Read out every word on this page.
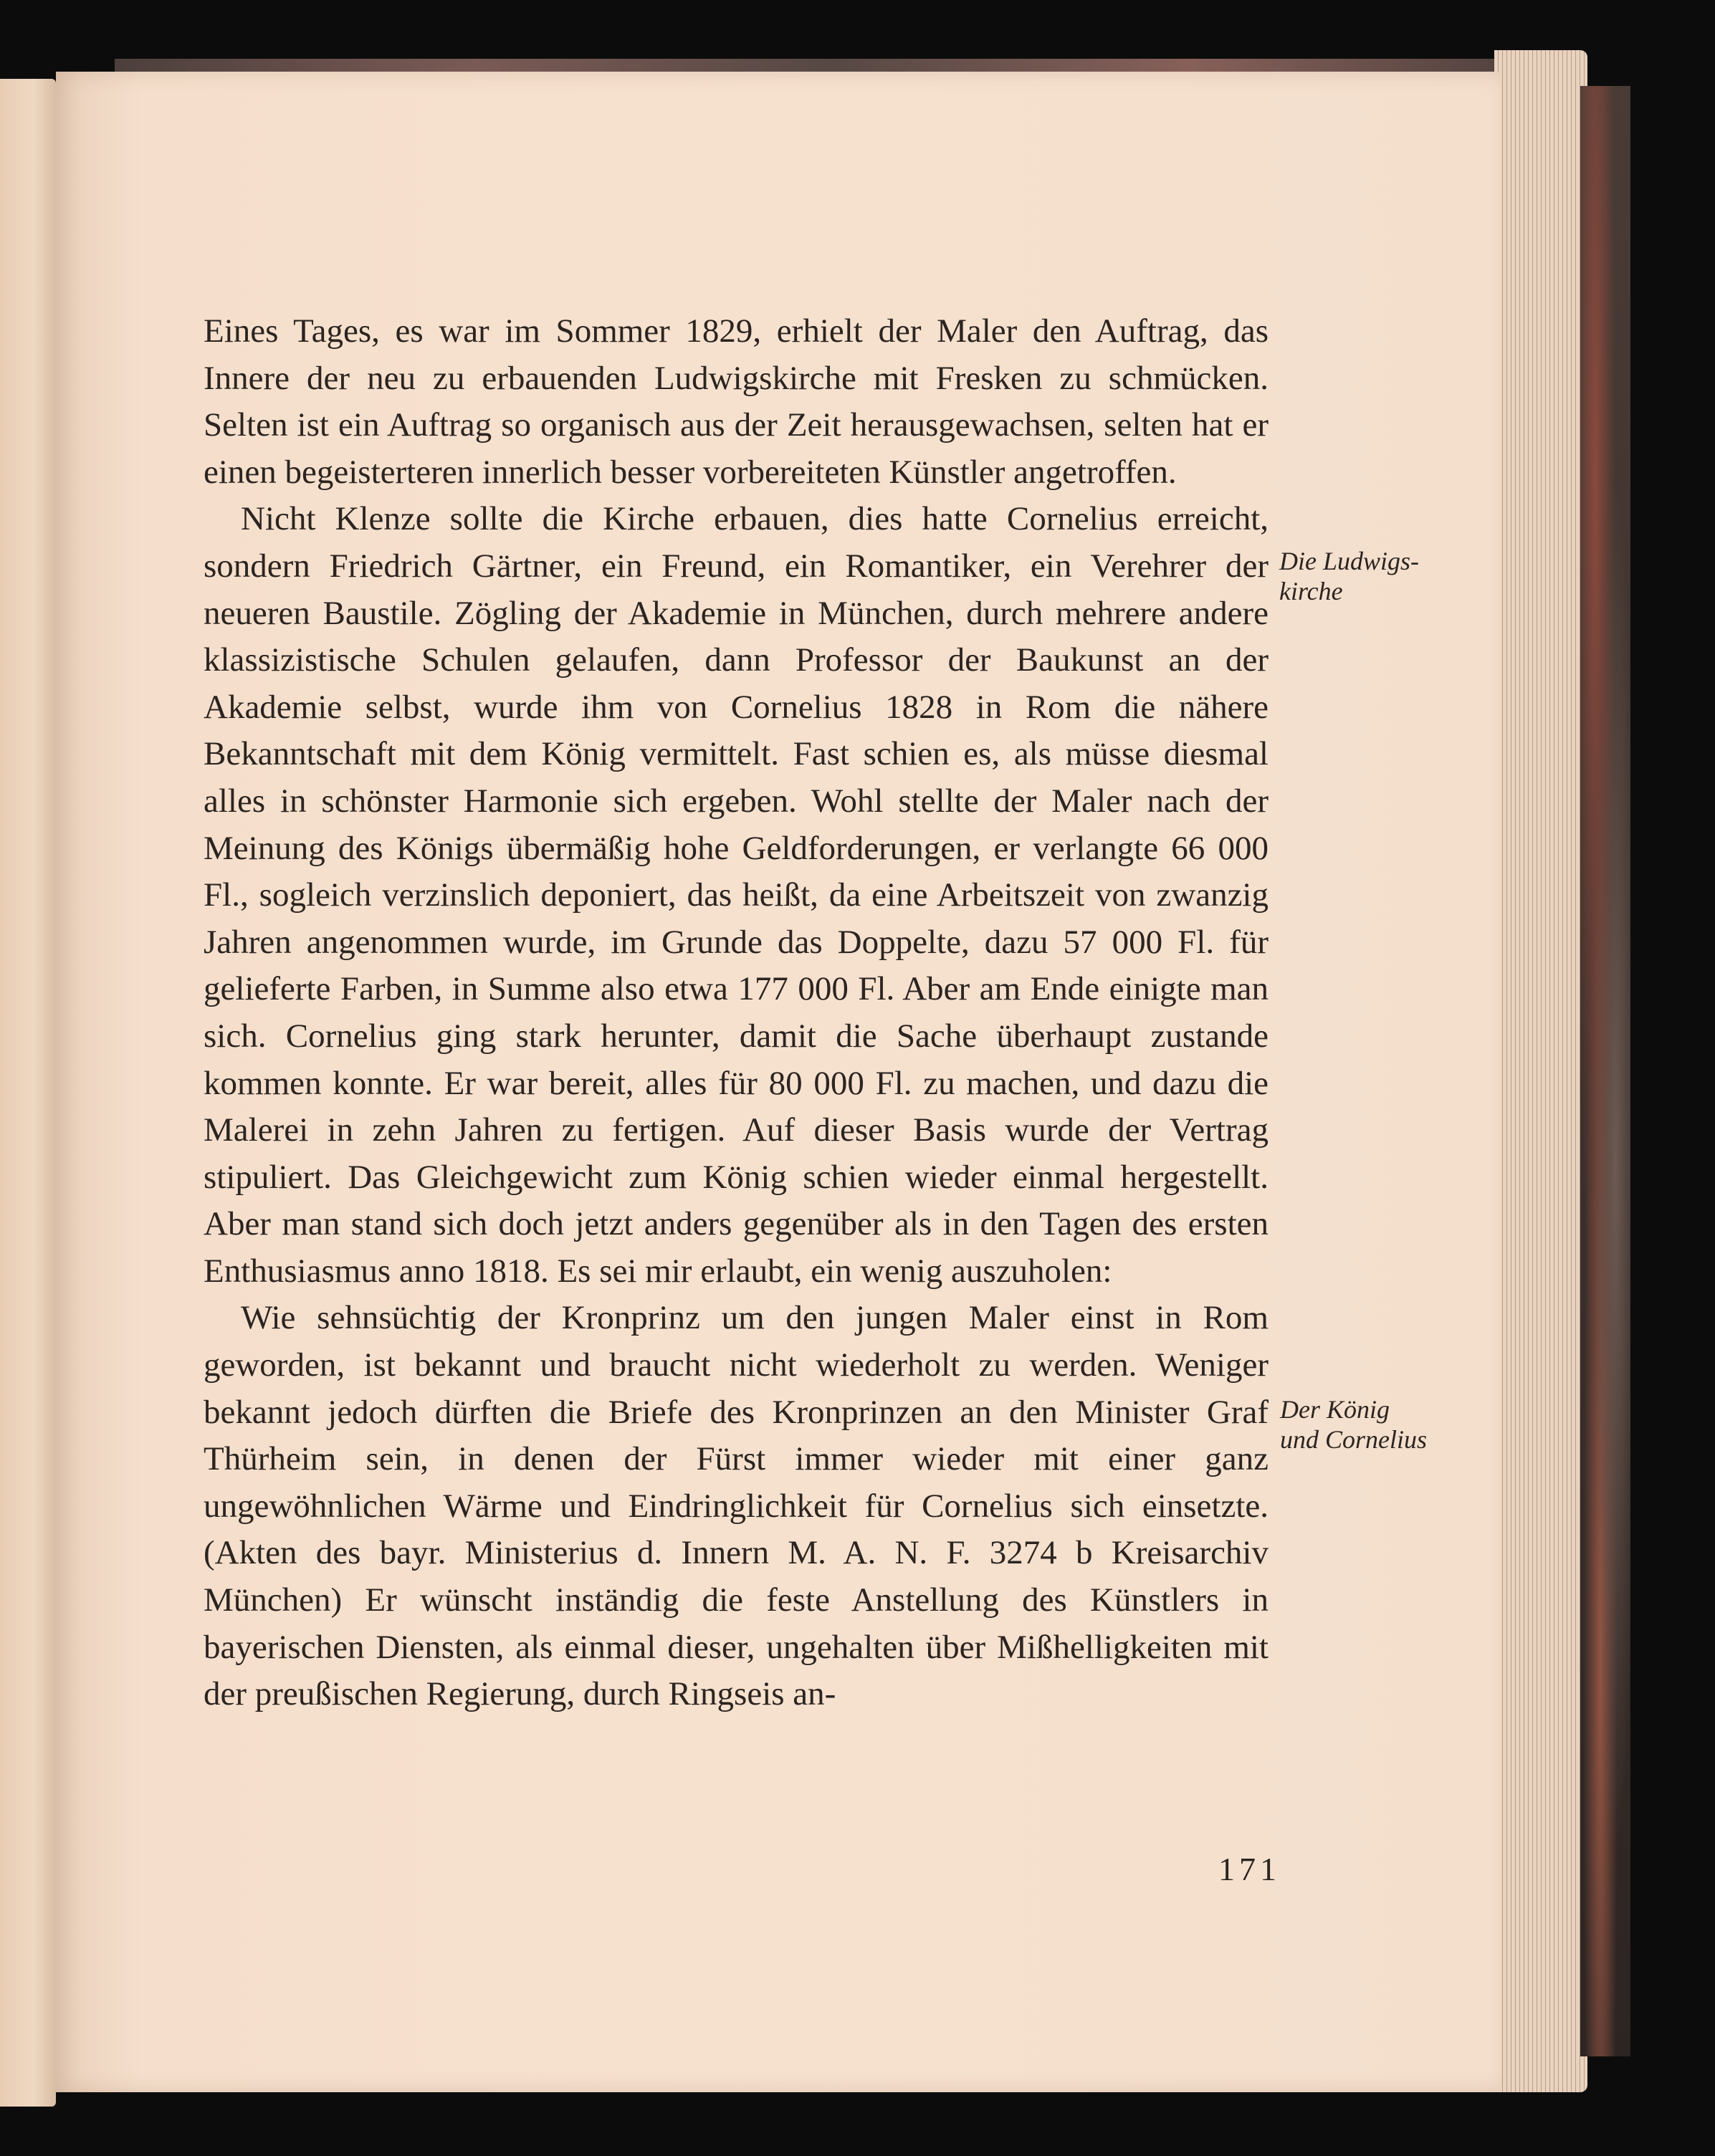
Eines Tages, es war im Sommer 1829, erhielt der Maler den Auftrag, das Innere der neu zu erbauenden Ludwigskirche mit Fresken zu schmücken. Selten ist ein Auftrag so organisch aus der Zeit herausgewachsen, selten hat er einen begeisterteren innerlich besser vorbereiteten Künstler angetroffen.

Nicht Klenze sollte die Kirche erbauen, dies hatte Cornelius erreicht, sondern Friedrich Gärtner, ein Freund, ein Romantiker, ein Verehrer der neueren Baustile. Zögling der Akademie in München, durch mehrere andere klassizistische Schulen gelaufen, dann Professor der Baukunst an der Akademie selbst, wurde ihm von Cornelius 1828 in Rom die nähere Bekanntschaft mit dem König vermittelt. Fast schien es, als müsse diesmal alles in schönster Harmonie sich ergeben. Wohl stellte der Maler nach der Meinung des Königs übermäßig hohe Geldforderungen, er verlangte 66 000 Fl., sogleich verzinslich deponiert, das heißt, da eine Arbeitszeit von zwanzig Jahren angenommen wurde, im Grunde das Doppelte, dazu 57 000 Fl. für gelieferte Farben, in Summe also etwa 177 000 Fl. Aber am Ende einigte man sich. Cornelius ging stark herunter, damit die Sache überhaupt zustande kommen konnte. Er war bereit, alles für 80 000 Fl. zu machen, und dazu die Malerei in zehn Jahren zu fertigen. Auf dieser Basis wurde der Vertrag stipuliert. Das Gleichgewicht zum König schien wieder einmal hergestellt. Aber man stand sich doch jetzt anders gegenüber als in den Tagen des ersten Enthusiasmus anno 1818. Es sei mir erlaubt, ein wenig auszuholen:

Wie sehnsüchtig der Kronprinz um den jungen Maler einst in Rom geworden, ist bekannt und braucht nicht wiederholt zu werden. Weniger bekannt jedoch dürften die Briefe des Kronprinzen an den Minister Graf Thürheim sein, in denen der Fürst immer wieder mit einer ganz ungewöhnlichen Wärme und Eindringlichkeit für Cornelius sich einsetzte. (Akten des bayr. Ministerius d. Innern M. A. N. F. 3274 b Kreisarchiv München) Er wünscht inständig die feste Anstellung des Künstlers in bayerischen Diensten, als einmal dieser, ungehalten über Mißhelligkeiten mit der preußischen Regierung, durch Ringseis an-

Die Ludwigs-
kirche
Der König
und Cornelius
171
